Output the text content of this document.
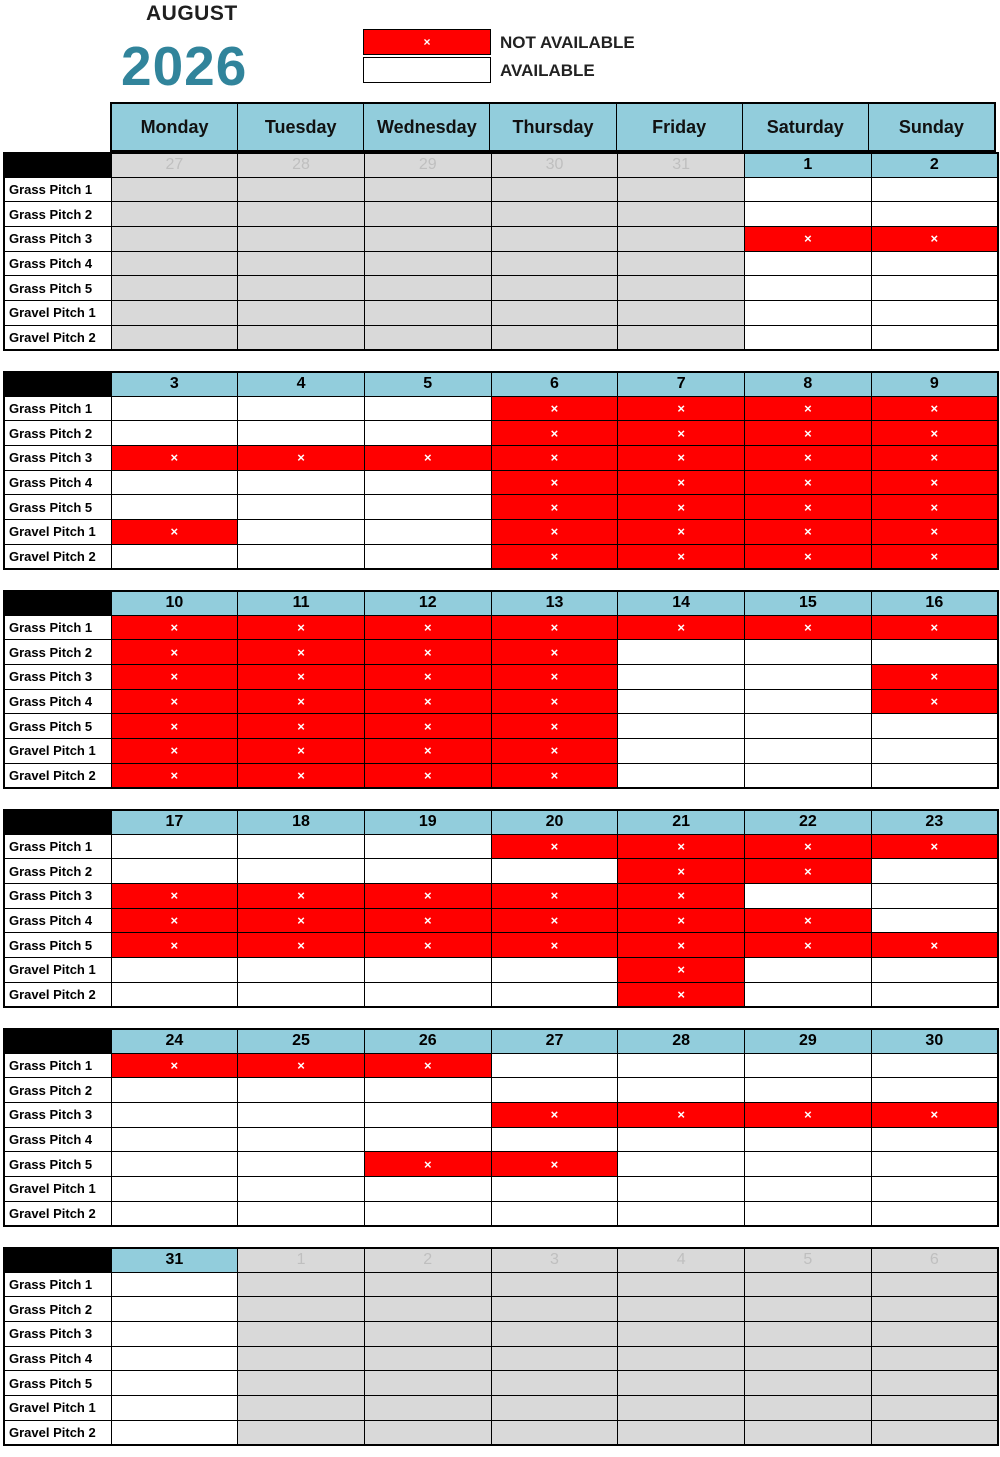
AUGUST
2026	×	NOT AVAILABLE
AVAILABLE
Monday	Tuesday	Wednesday	Thursday	Friday	Saturday	Sunday
	27	28	29	30	31	1	2
Grass Pitch 1							
Grass Pitch 2							
Grass Pitch 3						×	×
Grass Pitch 4							
Grass Pitch 5							
Gravel Pitch 1							
Gravel Pitch 2							
	3	4	5	6	7	8	9
Grass Pitch 1				×	×	×	×
Grass Pitch 2				×	×	×	×
Grass Pitch 3	×	×	×	×	×	×	×
Grass Pitch 4				×	×	×	×
Grass Pitch 5				×	×	×	×
Gravel Pitch 1	×			×	×	×	×
Gravel Pitch 2				×	×	×	×
	10	11	12	13	14	15	16
Grass Pitch 1	×	×	×	×	×	×	×
Grass Pitch 2	×	×	×	×			
Grass Pitch 3	×	×	×	×			×
Grass Pitch 4	×	×	×	×			×
Grass Pitch 5	×	×	×	×			
Gravel Pitch 1	×	×	×	×			
Gravel Pitch 2	×	×	×	×			
	17	18	19	20	21	22	23
Grass Pitch 1				×	×	×	×
Grass Pitch 2					×	×	
Grass Pitch 3	×	×	×	×	×		
Grass Pitch 4	×	×	×	×	×	×	
Grass Pitch 5	×	×	×	×	×	×	×
Gravel Pitch 1					×		
Gravel Pitch 2					×		
	24	25	26	27	28	29	30
Grass Pitch 1	×	×	×				
Grass Pitch 2							
Grass Pitch 3				×	×	×	×
Grass Pitch 4							
Grass Pitch 5			×	×			
Gravel Pitch 1							
Gravel Pitch 2							
	31	1	2	3	4	5	6
Grass Pitch 1							
Grass Pitch 2							
Grass Pitch 3							
Grass Pitch 4							
Grass Pitch 5							
Gravel Pitch 1							
Gravel Pitch 2							
